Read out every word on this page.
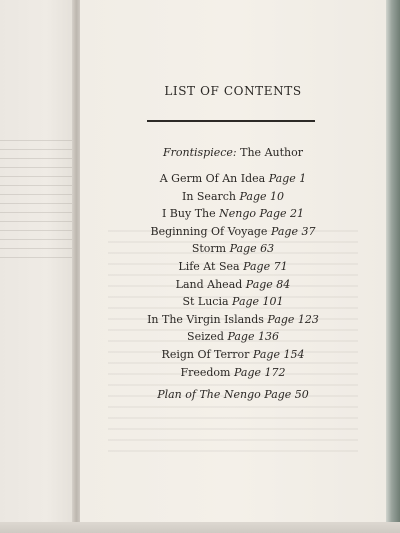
LIST OF CONTENTS
Frontispiece: The Author
A Germ Of An Idea Page 1
In Search Page 10
I Buy The Nengo Page 21
Beginning Of Voyage Page 37
Storm Page 63
Life At Sea Page 71
Land Ahead Page 84
St Lucia Page 101
In The Virgin Islands Page 123
Seized Page 136
Reign Of Terror Page 154
Freedom Page 172
Plan of The Nengo Page 50
